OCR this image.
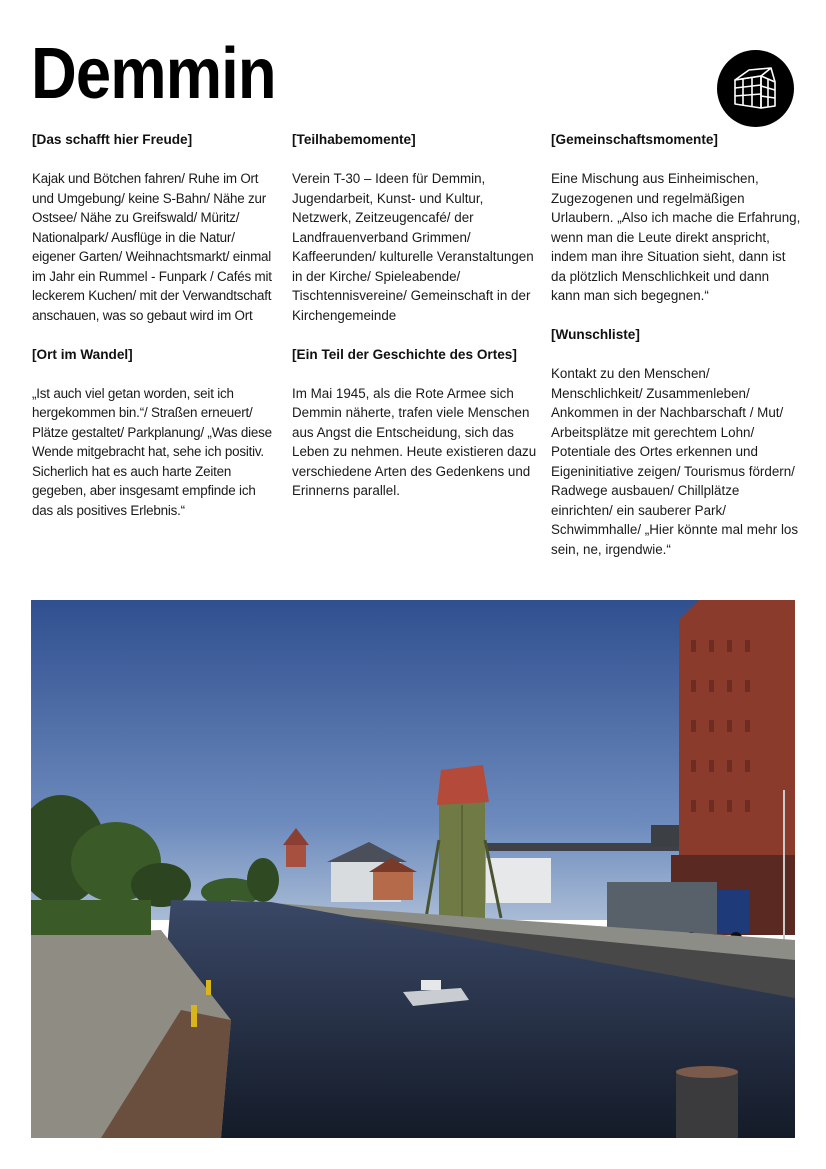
Demmin
[Das schafft hier Freude]

Kajak und Bötchen fahren/ Ruhe im Ort und Umgebung/ keine S-Bahn/ Nähe zur Ostsee/ Nähe zu Greifswald/ Müritz/ Nationalpark/ Ausflüge in die Natur/ eigener Garten/ Weihnachtsmarkt/ einmal im Jahr ein Rummel - Funpark / Cafés mit leckerem Kuchen/ mit der Verwandtschaft anschauen, was so gebaut wird im Ort

[Ort im Wandel]

„Ist auch viel getan worden, seit ich hergekommen bin.“/ Straßen erneuert/ Plätze gestaltet/ Parkplanung/ „Was diese Wende mitgebracht hat, sehe ich positiv. Sicherlich hat es auch harte Zeiten gegeben, aber insgesamt empfinde ich das als positives Erlebnis.“

[Teilhabemomente]

Verein T-30 – Ideen für Demmin, Jugendarbeit, Kunst- und Kultur, Netzwerk, Zeitzeugencafé/ der Landfrauenverband Grimmen/ Kaffeerunden/ kulturelle Veranstaltungen in der Kirche/ Spieleabende/ Tischtennisvereine/ Gemeinschaft in der Kirchengemeinde

[Ein Teil der Geschichte des Ortes]

Im Mai 1945, als die Rote Armee sich Demmin näherte, trafen viele Menschen aus Angst die Entscheidung, sich das Leben zu nehmen. Heute existieren dazu verschiedene Arten des Gedenkens und Erinnerns parallel.

[Gemeinschaftsmomente]

Eine Mischung aus Einheimischen, Zugezogenen und regelmäßigen Urlaubern. „Also ich mache die Erfahrung, wenn man die Leute direkt anspricht, indem man ihre Situation sieht, dann ist da plötzlich Menschlichkeit und dann kann man sich begegnen.“

[Wunschliste]

Kontakt zu den Menschen/ Menschlichkeit/ Zusammenleben/ Ankommen in der Nachbarschaft / Mut/ Arbeitsplätze mit gerechtem Lohn/ Potentiale des Ortes erkennen und Eigeninitiative zeigen/ Tourismus fördern/ Radwege ausbauen/ Chillplätze einrichten/ ein sauberer Park/ Schwimmhalle/ „Hier könnte mal mehr los sein, ne, irgendwie.“
